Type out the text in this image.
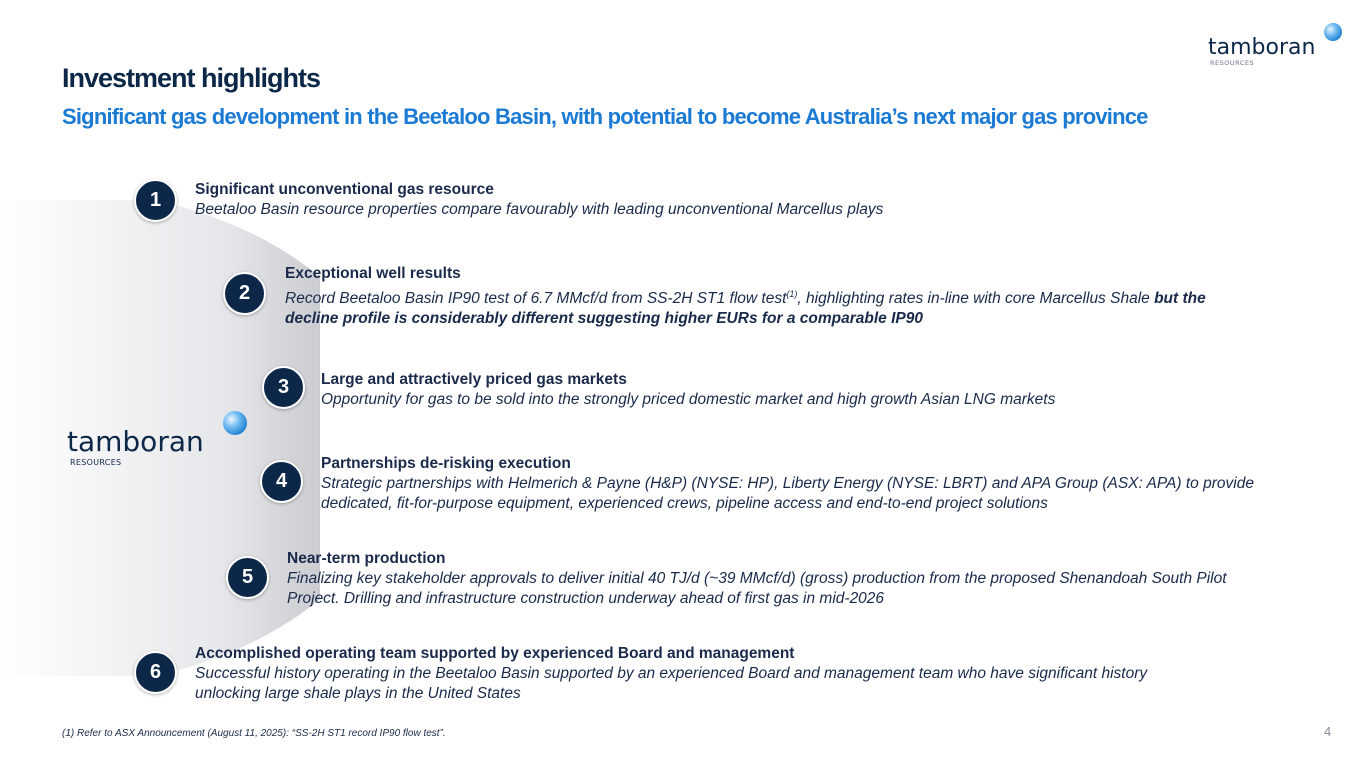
tamboran
RESOURCES
Investment highlights
Significant gas development in the Beetaloo Basin, with potential to become Australia’s next major gas province
tamboran
RESOURCES
1
2
3
4
5
6
Significant unconventional gas resource
Beetaloo Basin resource properties compare favourably with leading unconventional Marcellus plays
Exceptional well results
Record Beetaloo Basin IP90 test of 6.7 MMcf/d from SS-2H ST1 flow test$^{(1)}$, highlighting rates in-line with core Marcellus Shale but the decline profile is considerably different suggesting higher EURs for a comparable IP90
Large and attractively priced gas markets
Opportunity for gas to be sold into the strongly priced domestic market and high growth Asian LNG markets
Partnerships de-risking execution
Strategic partnerships with Helmerich & Payne (H&P) (NYSE: HP), Liberty Energy (NYSE: LBRT) and APA Group (ASX: APA) to provide dedicated, fit-for-purpose equipment, experienced crews, pipeline access and end-to-end project solutions
Near-term production
Finalizing key stakeholder approvals to deliver initial 40 TJ/d (~39 MMcf/d) (gross) production from the proposed Shenandoah South Pilot Project. Drilling and infrastructure construction underway ahead of first gas in mid-2026
Accomplished operating team supported by experienced Board and management
Successful history operating in the Beetaloo Basin supported by an experienced Board and management team who have significant history unlocking large shale plays in the United States
(1) Refer to ASX Announcement (August 11, 2025): “SS-2H ST1 record IP90 flow test”.	4
